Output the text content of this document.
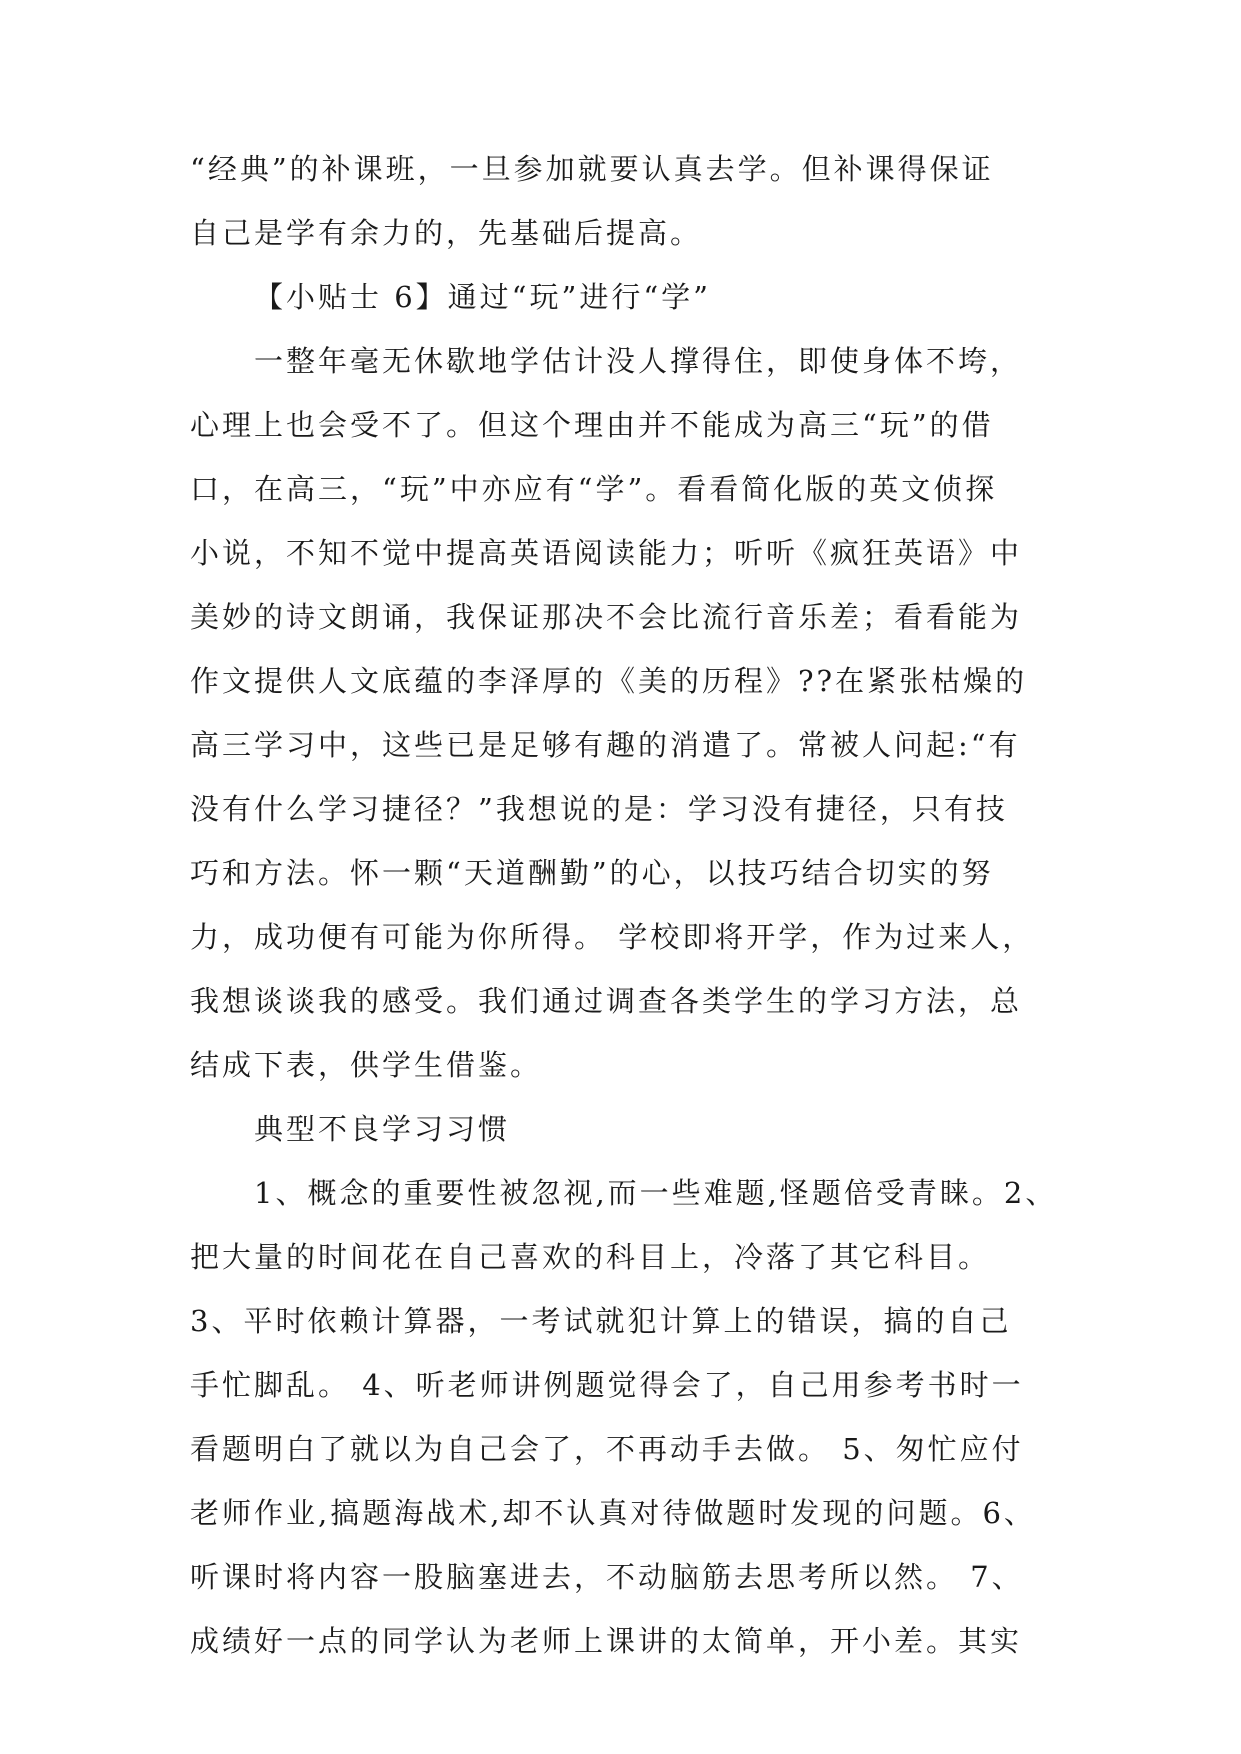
“经典”的补课班，一旦参加就要认真去学。但补课得保证
自己是学有余力的，先基础后提高。
【小贴士 6】通过“玩”进行“学”
一整年毫无休歇地学估计没人撑得住，即使身体不垮，
心理上也会受不了。但这个理由并不能成为高三“玩”的借
口，在高三，“玩”中亦应有“学”。看看简化版的英文侦探
小说，不知不觉中提高英语阅读能力；听听《疯狂英语》中
美妙的诗文朗诵，我保证那决不会比流行音乐差；看看能为
作文提供人文底蕴的李泽厚的《美的历程》??在紧张枯燥的
高三学习中，这些已是足够有趣的消遣了。常被人问起:“有
没有什么学习捷径？”我想说的是：学习没有捷径，只有技
巧和方法。怀一颗“天道酬勤”的心，以技巧结合切实的努
力，成功便有可能为你所得。 学校即将开学，作为过来人，
我想谈谈我的感受。我们通过调查各类学生的学习方法，总
结成下表，供学生借鉴。
典型不良学习习惯
1、概念的重要性被忽视,而一些难题,怪题倍受青睐。2、
把大量的时间花在自己喜欢的科目上，冷落了其它科目。
3、平时依赖计算器，一考试就犯计算上的错误，搞的自己
手忙脚乱。 4、听老师讲例题觉得会了，自己用参考书时一
看题明白了就以为自己会了，不再动手去做。 5、匆忙应付
老师作业,搞题海战术,却不认真对待做题时发现的问题。6、
听课时将内容一股脑塞进去，不动脑筋去思考所以然。 7、
成绩好一点的同学认为老师上课讲的太简单，开小差。其实
